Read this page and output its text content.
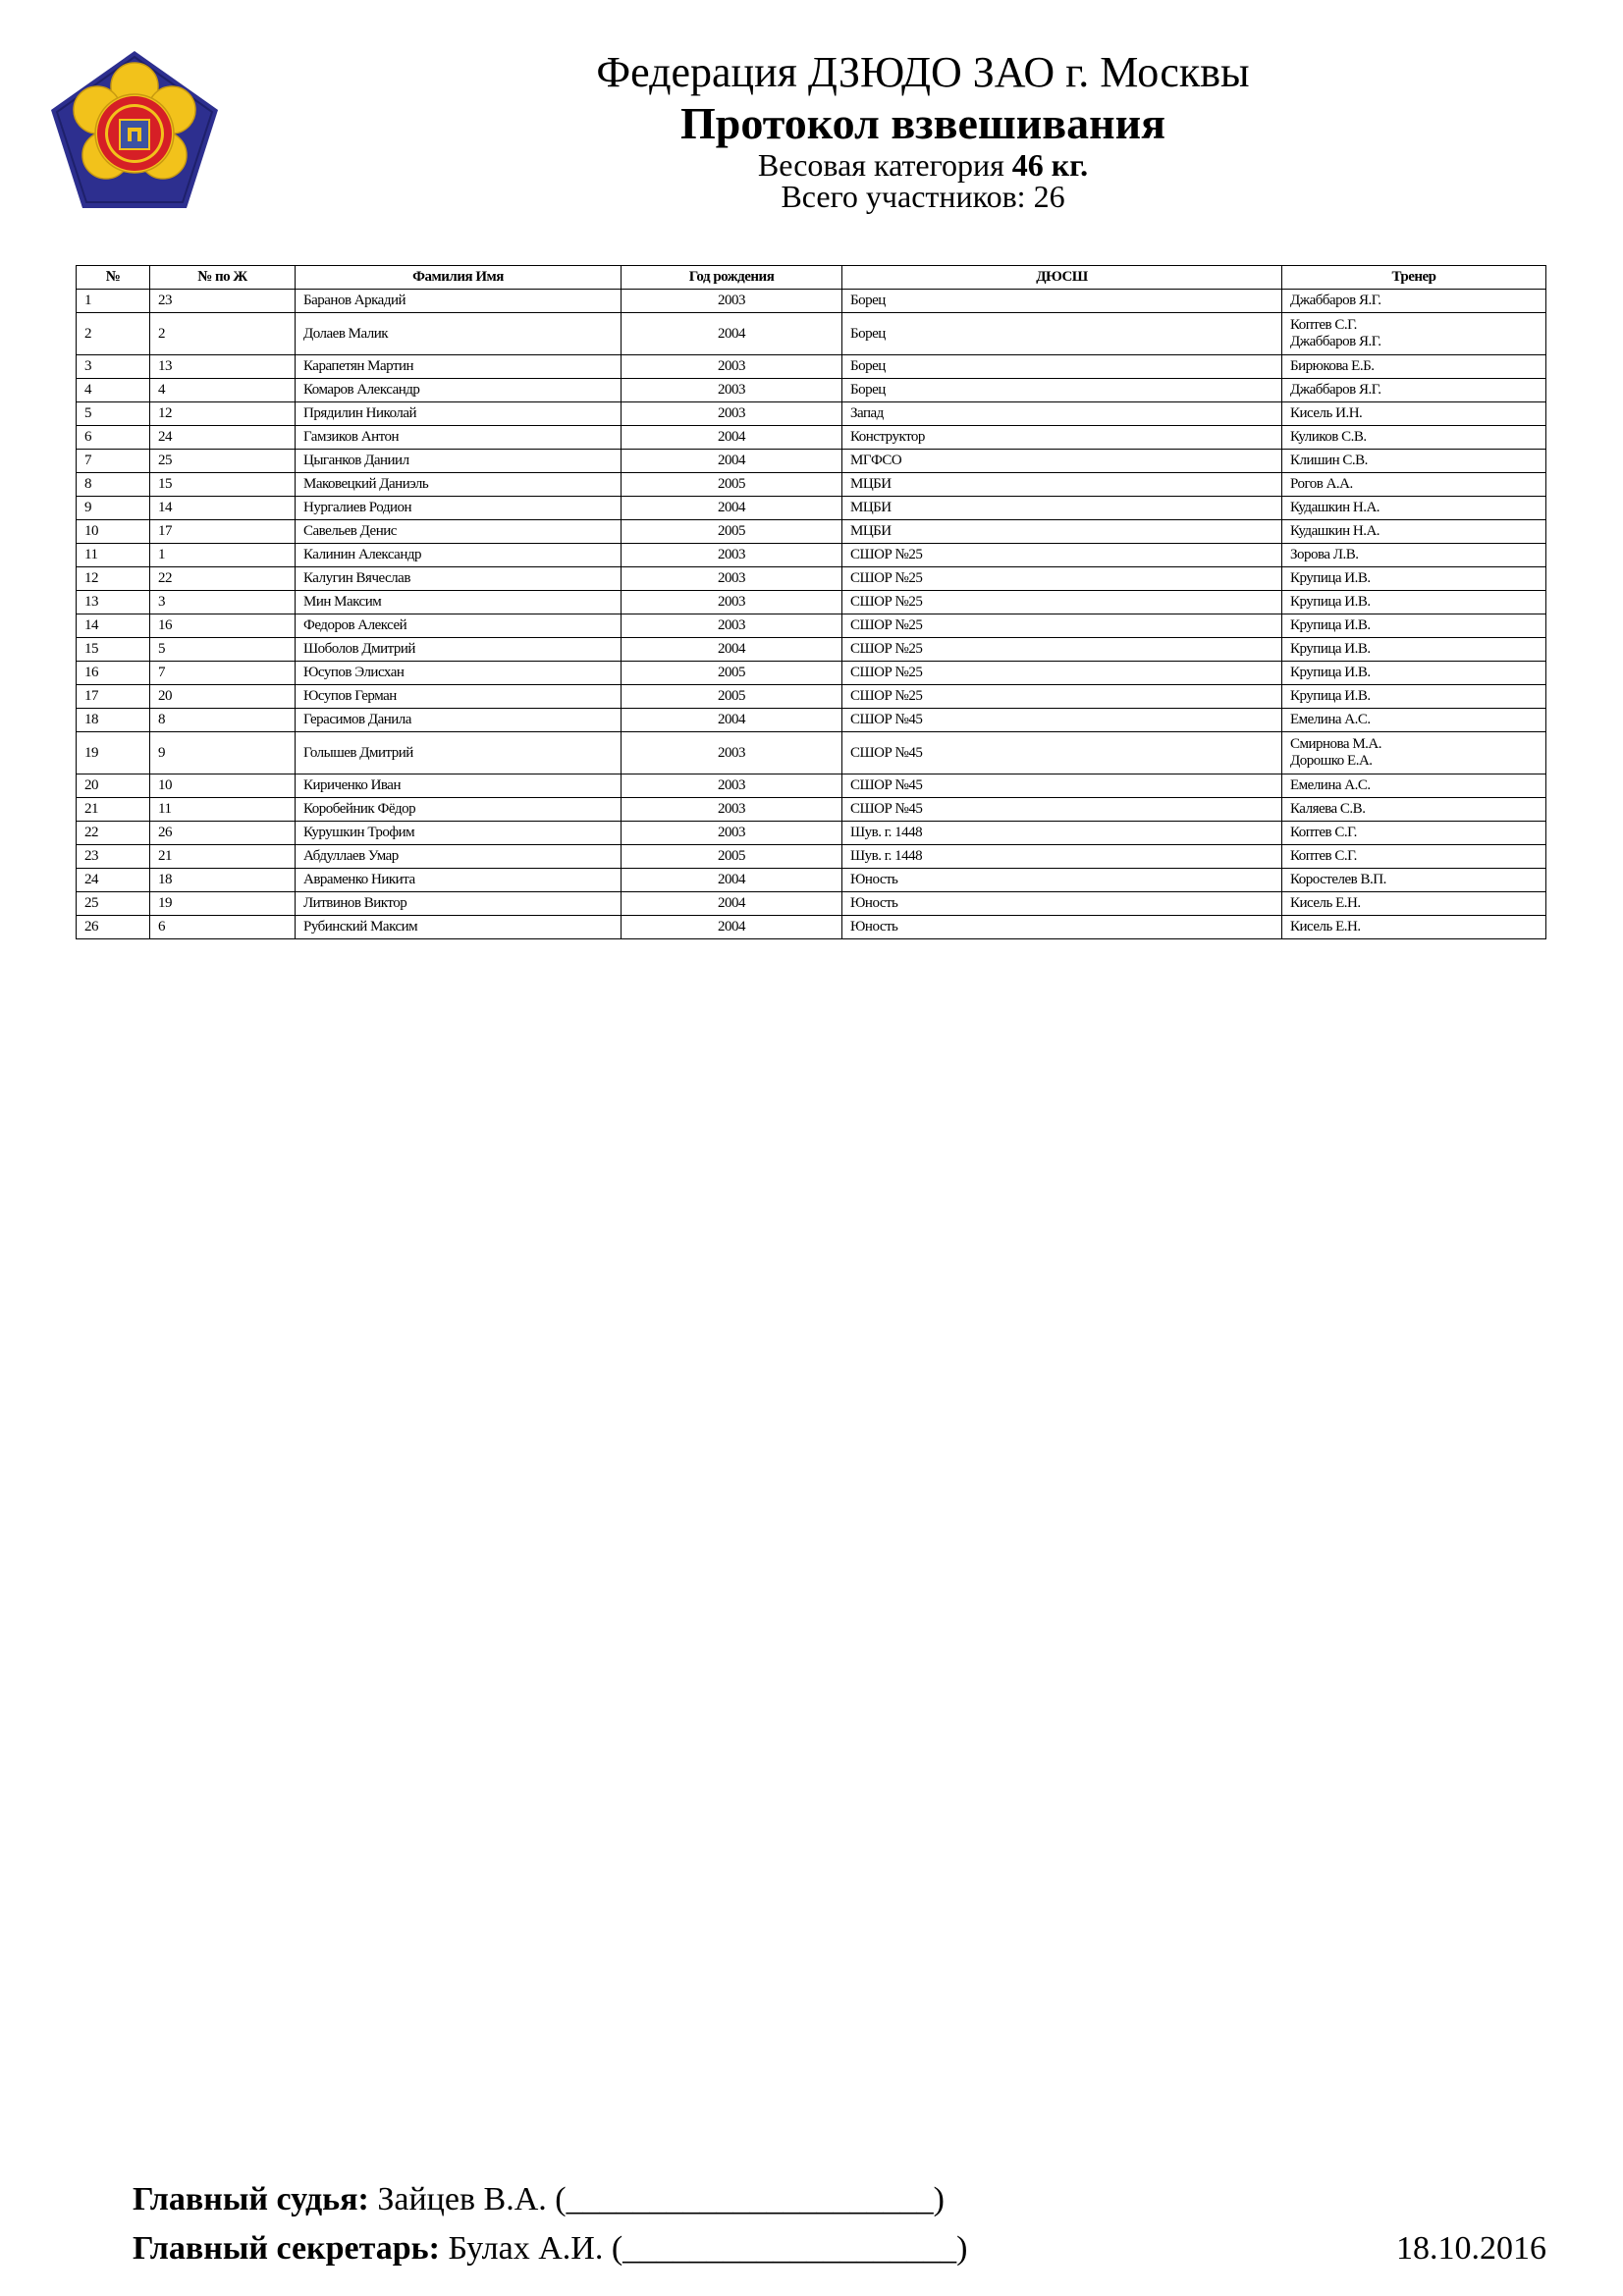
Федерация ДЗЮДО ЗАО г. Москвы
Протокол взвешивания
Весовая категория 46 кг.
Всего участников: 26
№	№ по Ж	Фамилия Имя	Год рождения	ДЮСШ	Тренер
1	23	Баранов Аркадий	2003	Борец	Джаббаров Я.Г.

2	2	Долаев Малик	2004	Борец	Коптев С.Г.
Джаббаров Я.Г.

3	13	Карапетян Мартин	2003	Борец	Бирюкова Е.Б.

4	4	Комаров Александр	2003	Борец	Джаббаров Я.Г.

5	12	Прядилин Николай	2003	Запад	Кисель И.Н.

6	24	Гамзиков Антон	2004	Конструктор	Куликов С.В.

7	25	Цыганков Даниил	2004	МГФСО	Клишин С.В.

8	15	Маковецкий Даниэль	2005	МЦБИ	Рогов А.А.

9	14	Нургалиев Родион	2004	МЦБИ	Кудашкин Н.А.

10	17	Савельев Денис	2005	МЦБИ	Кудашкин Н.А.

11	1	Калинин Александр	2003	СШОР №25	Зорова Л.В.

12	22	Калугин Вячеслав	2003	СШОР №25	Крупица И.В.

13	3	Мин Максим	2003	СШОР №25	Крупица И.В.

14	16	Федоров Алексей	2003	СШОР №25	Крупица И.В.

15	5	Шоболов Дмитрий	2004	СШОР №25	Крупица И.В.

16	7	Юсупов Элисхан	2005	СШОР №25	Крупица И.В.

17	20	Юсупов Герман	2005	СШОР №25	Крупица И.В.

18	8	Герасимов Данила	2004	СШОР №45	Емелина А.С.

19	9	Голышев Дмитрий	2003	СШОР №45	Смирнова М.А.
Дорошко Е.А.

20	10	Кириченко Иван	2003	СШОР №45	Емелина А.С.

21	11	Коробейник Фёдор	2003	СШОР №45	Каляева С.В.

22	26	Курушкин Трофим	2003	Шув. г. 1448	Коптев С.Г.

23	21	Абдуллаев Умар	2005	Шув. г. 1448	Коптев С.Г.

24	18	Авраменко Никита	2004	Юность	Коростелев В.П.

25	19	Литвинов Виктор	2004	Юность	Кисель Е.Н.

26	6	Рубинский Максим	2004	Юность	Кисель Е.Н.
Главный судья: Зайцев В.А. (______________________)
Главный секретарь: Булах А.И. (____________________)	18.10.2016
